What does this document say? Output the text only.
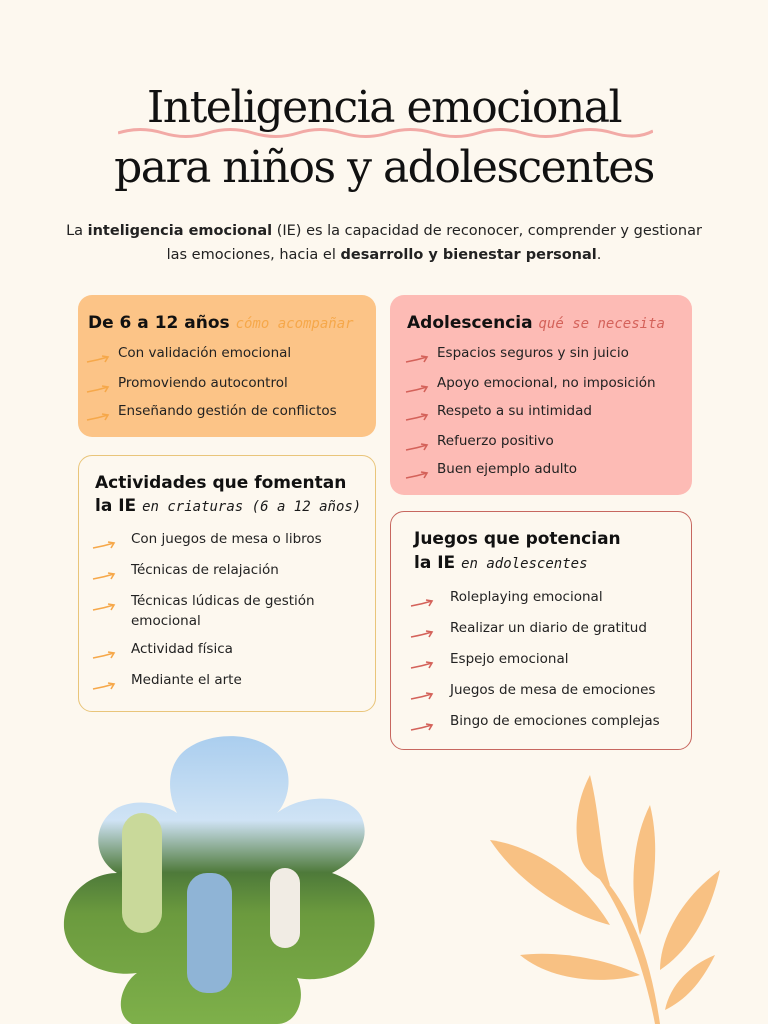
Inteligencia emocional
para niños y adolescentes

La inteligencia emocional (IE) es la capacidad de reconocer, comprender y gestionar las emociones, hacia el desarrollo y bienestar personal.

De 6 a 12 años cómo acompañar	Adolescencia qué se necesita
Actividades que fomentan
la IE en criaturas (6 a 12 años)
Juegos que potencian
la IE en adolescentes
Con validación emocional
Promoviendo autocontrol
Enseñando gestión de conflictos
Espacios seguros y sin juicio
Apoyo emocional, no imposición
Respeto a su intimidad
Refuerzo positivo
Buen ejemplo adulto
Con juegos de mesa o libros
Técnicas de relajación
Técnicas lúdicas de gestión emocional
Actividad física
Mediante el arte
Roleplaying emocional
Realizar un diario de gratitud
Espejo emocional
Juegos de mesa de emociones
Bingo de emociones complejas
